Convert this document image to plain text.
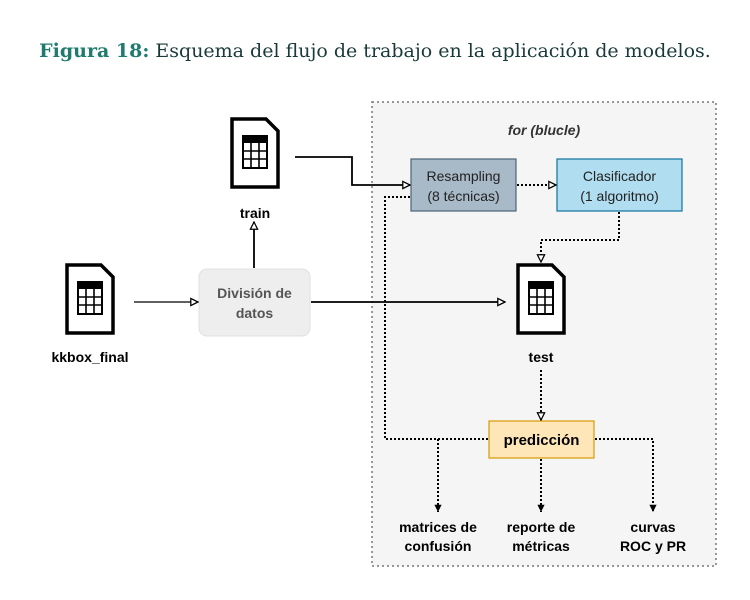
Figura 18: Esquema del flujo de trabajo en la aplicación de modelos.
for (blucle)
train
kkbox_final	test
División de
datos
Resampling
(8 técnicas)
Clasificador
(1 algoritmo)
predicción
matrices de
confusión
reporte de
métricas
curvas
ROC y PR
